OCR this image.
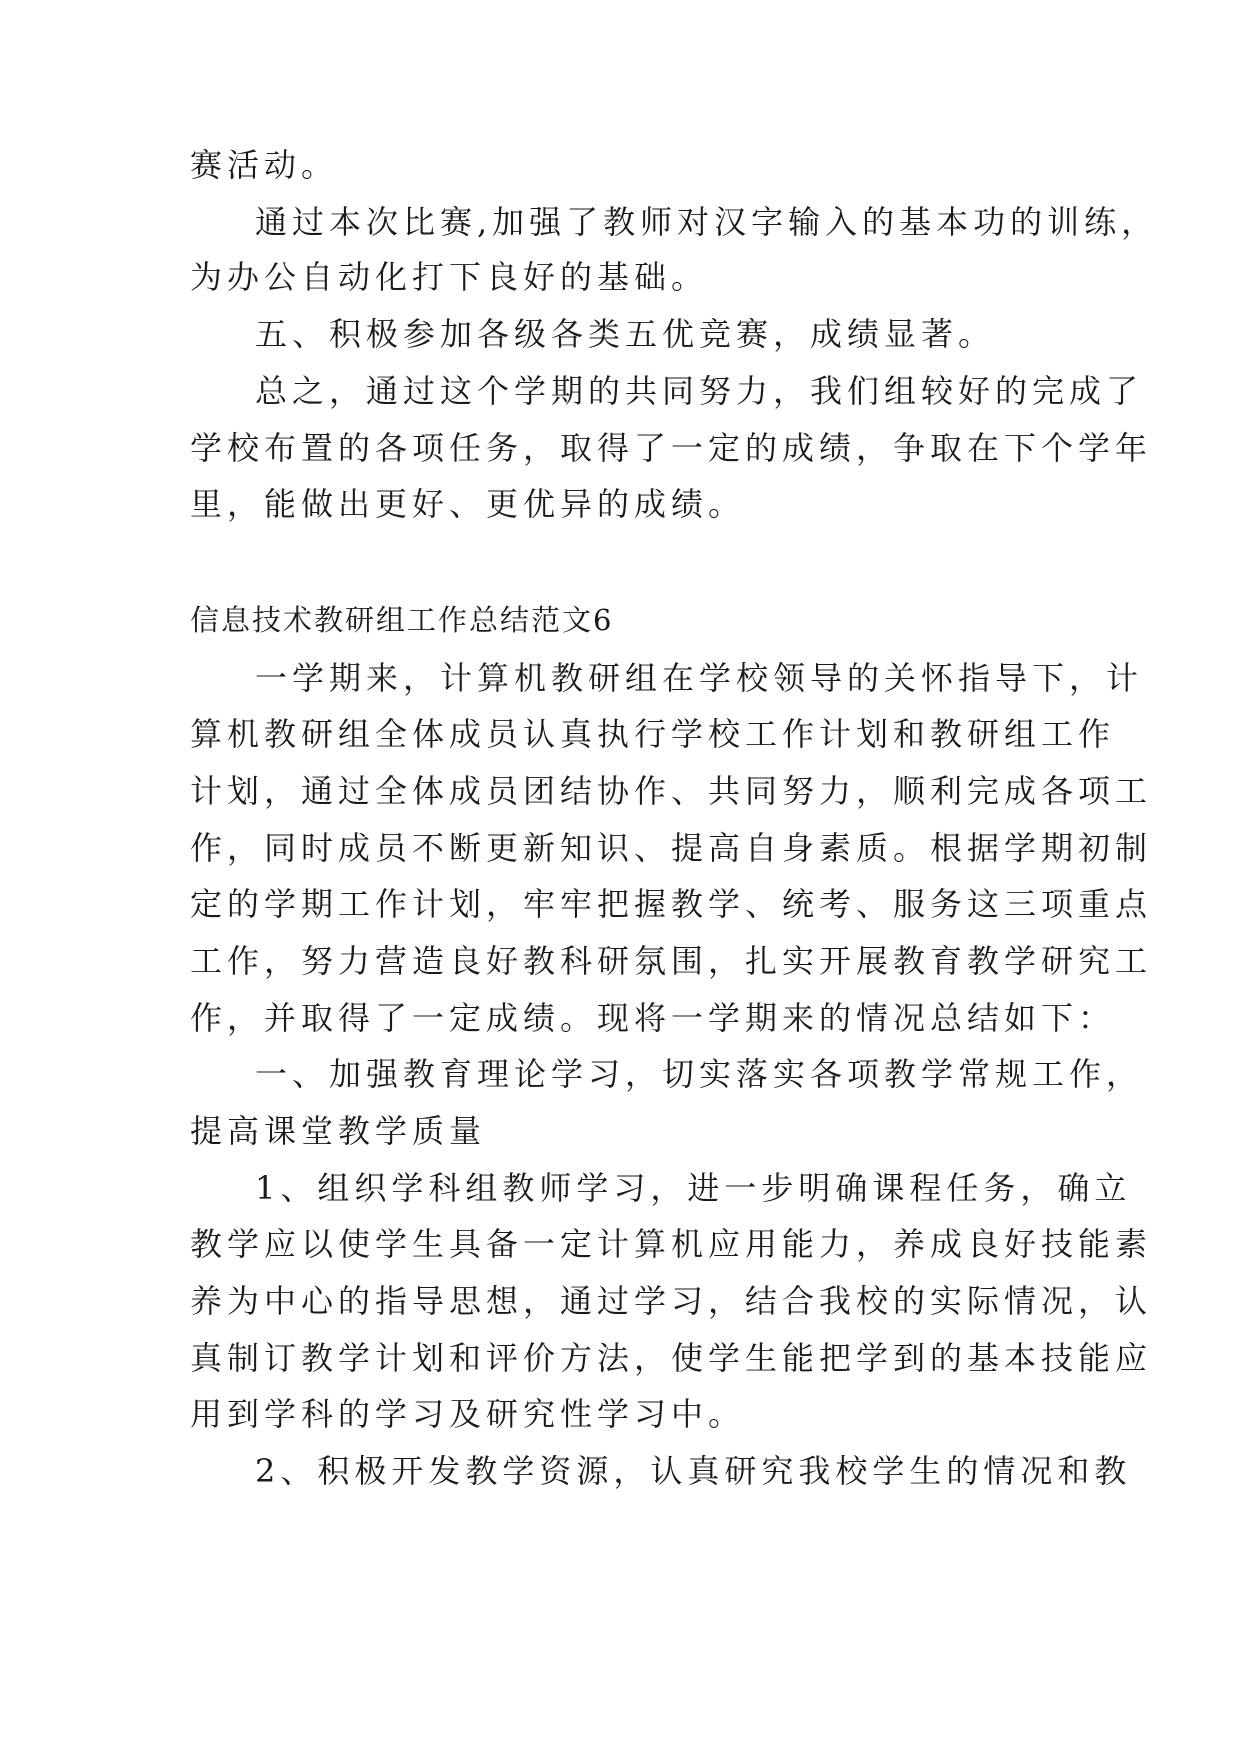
赛活动。
通过本次比赛,加强了教师对汉字输入的基本功的训练，
为办公自动化打下良好的基础。
五、积极参加各级各类五优竞赛，成绩显著。
总之，通过这个学期的共同努力，我们组较好的完成了
学校布置的各项任务，取得了一定的成绩，争取在下个学年
里，能做出更好、更优异的成绩。
信息技术教研组工作总结范文6
一学期来，计算机教研组在学校领导的关怀指导下，计
算机教研组全体成员认真执行学校工作计划和教研组工作
计划，通过全体成员团结协作、共同努力，顺利完成各项工
作，同时成员不断更新知识、提高自身素质。根据学期初制
定的学期工作计划，牢牢把握教学、统考、服务这三项重点
工作，努力营造良好教科研氛围，扎实开展教育教学研究工
作，并取得了一定成绩。现将一学期来的情况总结如下：
一、加强教育理论学习，切实落实各项教学常规工作，
提高课堂教学质量
1、组织学科组教师学习，进一步明确课程任务，确立
教学应以使学生具备一定计算机应用能力，养成良好技能素
养为中心的指导思想，通过学习，结合我校的实际情况，认
真制订教学计划和评价方法，使学生能把学到的基本技能应
用到学科的学习及研究性学习中。
2、积极开发教学资源，认真研究我校学生的情况和教
